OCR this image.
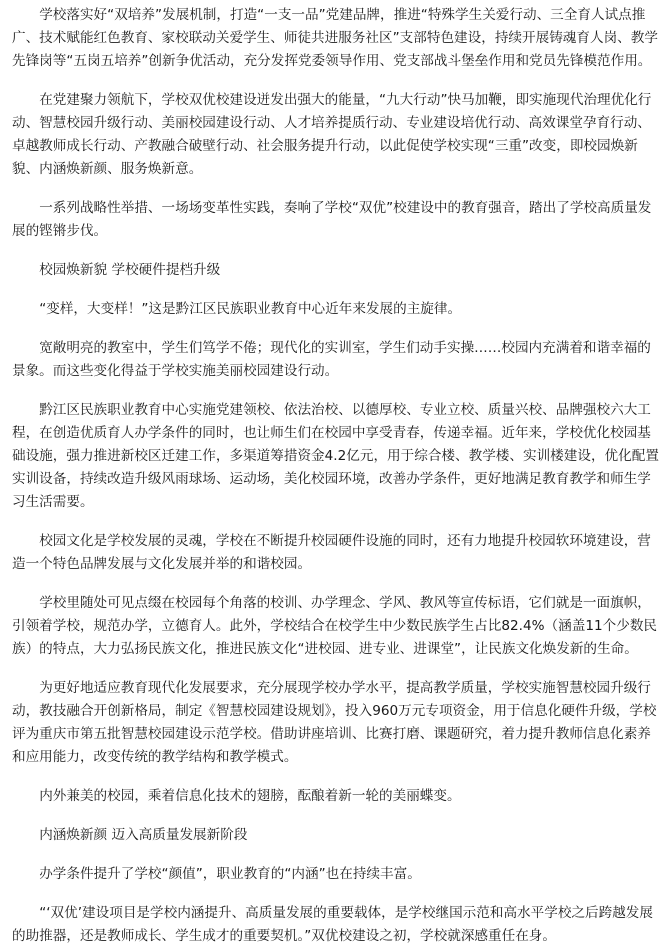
学校落实好“双培养”发展机制，打造“一支一品”党建品牌，推进“特殊学生关爱行动、三全育人试点推广、技术赋能红色教育、家校联动关爱学生、师徒共进服务社区”支部特色建设，持续开展铸魂育人岗、教学先锋岗等“五岗五培养”创新争优活动，充分发挥党委领导作用、党支部战斗堡垒作用和党员先锋模范作用。

在党建聚力领航下，学校双优校建设迸发出强大的能量，“九大行动”快马加鞭，即实施现代治理优化行动、智慧校园升级行动、美丽校园建设行动、人才培养提质行动、专业建设培优行动、高效课堂孕育行动、卓越教师成长行动、产教融合破壁行动、社会服务提升行动，以此促使学校实现“三重”改变，即校园焕新貌、内涵焕新颜、服务焕新意。

一系列战略性举措、一场场变革性实践，奏响了学校“双优”校建设中的教育强音，踏出了学校高质量发展的铿锵步伐。

校园焕新貌 学校硬件提档升级

“变样，大变样！”这是黔江区民族职业教育中心近年来发展的主旋律。

宽敞明亮的教室中，学生们笃学不倦；现代化的实训室，学生们动手实操……校园内充满着和谐幸福的景象。而这些变化得益于学校实施美丽校园建设行动。

黔江区民族职业教育中心实施党建领校、依法治校、以德厚校、专业立校、质量兴校、品牌强校六大工程，在创造优质育人办学条件的同时，也让师生们在校园中享受青春，传递幸福。近年来，学校优化校园基础设施，强力推进新校区迁建工作，多渠道筹措资金4.2亿元，用于综合楼、教学楼、实训楼建设，优化配置实训设备，持续改造升级风雨球场、运动场，美化校园环境，改善办学条件，更好地满足教育教学和师生学习生活需要。

校园文化是学校发展的灵魂，学校在不断提升校园硬件设施的同时，还有力地提升校园软环境建设，营造一个特色品牌发展与文化发展并举的和谐校园。

学校里随处可见点缀在校园每个角落的校训、办学理念、学风、教风等宣传标语，它们就是一面旗帜，引领着学校，规范办学，立德育人。此外，学校结合在校学生中少数民族学生占比82.4%（涵盖11个少数民族）的特点，大力弘扬民族文化，推进民族文化“进校园、进专业、进课堂”，让民族文化焕发新的生命。

为更好地适应教育现代化发展要求，充分展现学校办学水平，提高教学质量，学校实施智慧校园升级行动，教技融合开创新格局，制定《智慧校园建设规划》，投入960万元专项资金，用于信息化硬件升级，学校评为重庆市第五批智慧校园建设示范学校。借助讲座培训、比赛打磨、课题研究，着力提升教师信息化素养和应用能力，改变传统的教学结构和教学模式。

内外兼美的校园，乘着信息化技术的翅膀，酝酿着新一轮的美丽蝶变。

内涵焕新颜 迈入高质量发展新阶段

办学条件提升了学校“颜值”，职业教育的“内涵”也在持续丰富。

“‘双优’建设项目是学校内涵提升、高质量发展的重要载体，是学校继国示范和高水平学校之后跨越发展的助推器，还是教师成长、学生成才的重要契机。”双优校建设之初，学校就深感重任在身。
